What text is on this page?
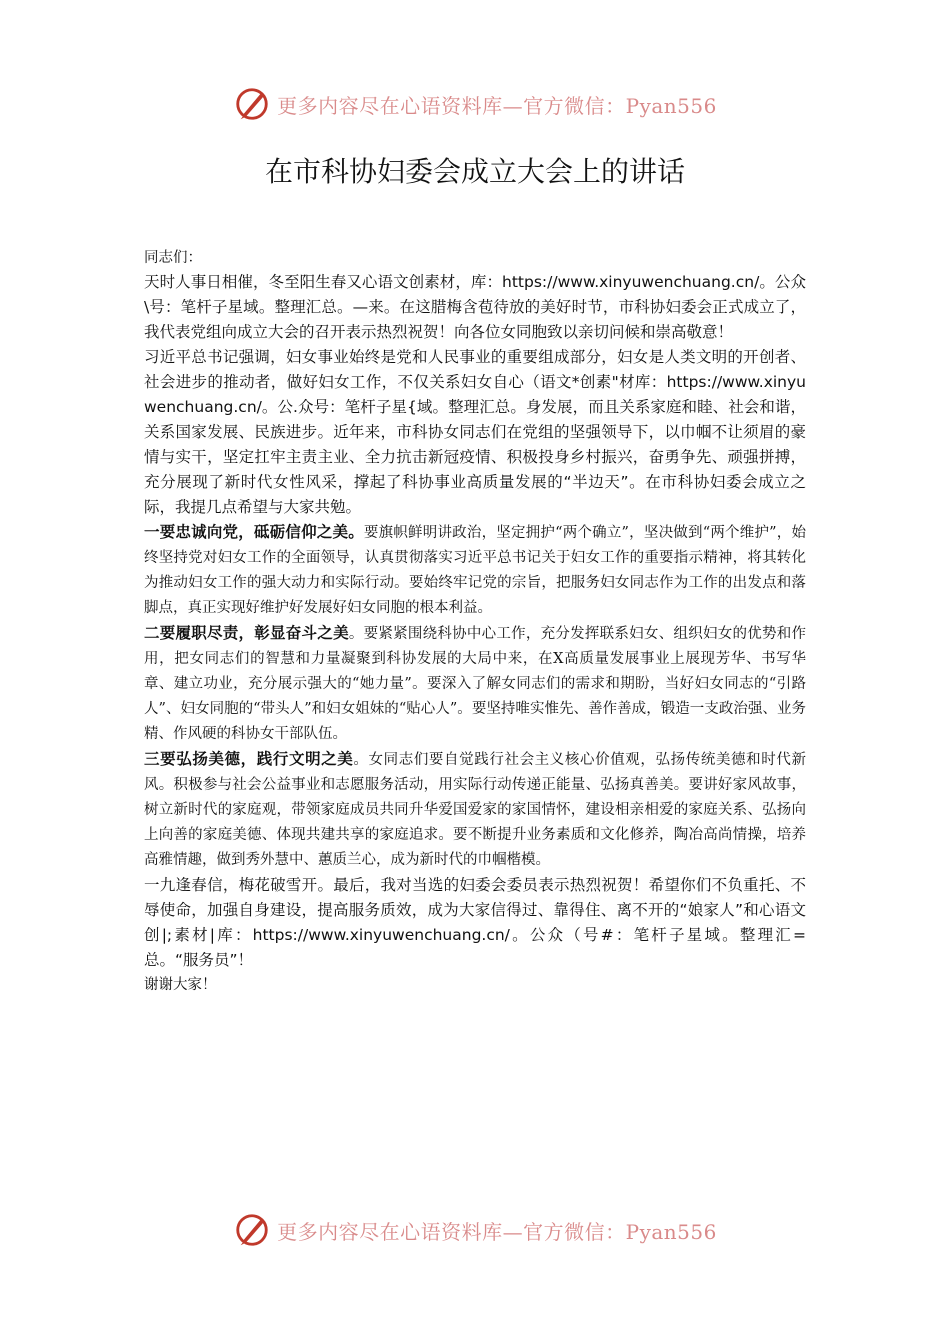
更多内容尽在心语资料库—官方微信：Pyan556
在市科协妇委会成立大会上的讲话

同志们：

天时人事日相催，冬至阳生春又心语文创素材，库：https://www.xinyuwenchuang.cn/。公众\号：笔杆子星域。整理汇总。—来。在这腊梅含苞待放的美好时节，市科协妇委会正式成立了，我代表党组向成立大会的召开表示热烈祝贺！向各位女同胞致以亲切问候和崇高敬意！

习近平总书记强调，妇女事业始终是党和人民事业的重要组成部分，妇女是人类文明的开创者、社会进步的推动者，做好妇女工作，不仅关系妇女自心（语文*创素"材库：https://www.xinyuwenchuang.cn/。公.众号：笔杆子星{域。整理汇总。身发展，而且关系家庭和睦、社会和谐，关系国家发展、民族进步。近年来，市科协女同志们在党组的坚强领导下，以巾帼不让须眉的豪情与实干，坚定扛牢主责主业、全力抗击新冠疫情、积极投身乡村振兴，奋勇争先、顽强拼搏，充分展现了新时代女性风采，撑起了科协事业高质量发展的“半边天”。在市科协妇委会成立之际，我提几点希望与大家共勉。

一要忠诚向党，砥砺信仰之美。要旗帜鲜明讲政治，坚定拥护“两个确立”，坚决做到“两个维护”，始终坚持党对妇女工作的全面领导，认真贯彻落实习近平总书记关于妇女工作的重要指示精神，将其转化为推动妇女工作的强大动力和实际行动。要始终牢记党的宗旨，把服务妇女同志作为工作的出发点和落脚点，真正实现好维护好发展好妇女同胞的根本利益。

二要履职尽责，彰显奋斗之美。要紧紧围绕科协中心工作，充分发挥联系妇女、组织妇女的优势和作用，把女同志们的智慧和力量凝聚到科协发展的大局中来，在X高质量发展事业上展现芳华、书写华章、建立功业，充分展示强大的“她力量”。要深入了解女同志们的需求和期盼，当好妇女同志的“引路人”、妇女同胞的“带头人”和妇女姐妹的“贴心人”。要坚持唯实惟先、善作善成，锻造一支政治强、业务精、作风硬的科协女干部队伍。

三要弘扬美德，践行文明之美。女同志们要自觉践行社会主义核心价值观，弘扬传统美德和时代新风。积极参与社会公益事业和志愿服务活动，用实际行动传递正能量、弘扬真善美。要讲好家风故事，树立新时代的家庭观，带领家庭成员共同升华爱国爱家的家国情怀，建设相亲相爱的家庭关系、弘扬向上向善的家庭美德、体现共建共享的家庭追求。要不断提升业务素质和文化修养，陶冶高尚情操，培养高雅情趣，做到秀外慧中、蕙质兰心，成为新时代的巾帼楷模。

一九逢春信，梅花破雪开。最后，我对当选的妇委会委员表示热烈祝贺！希望你们不负重托、不辱使命，加强自身建设，提高服务质效，成为大家信得过、靠得住、离不开的“娘家人”和心语文创|;素材|库：https://www.xinyuwenchuang.cn/。公众（号#：笔杆子星域。整理汇=总。“服务员”！

谢谢大家！

更多内容尽在心语资料库—官方微信：Pyan556
